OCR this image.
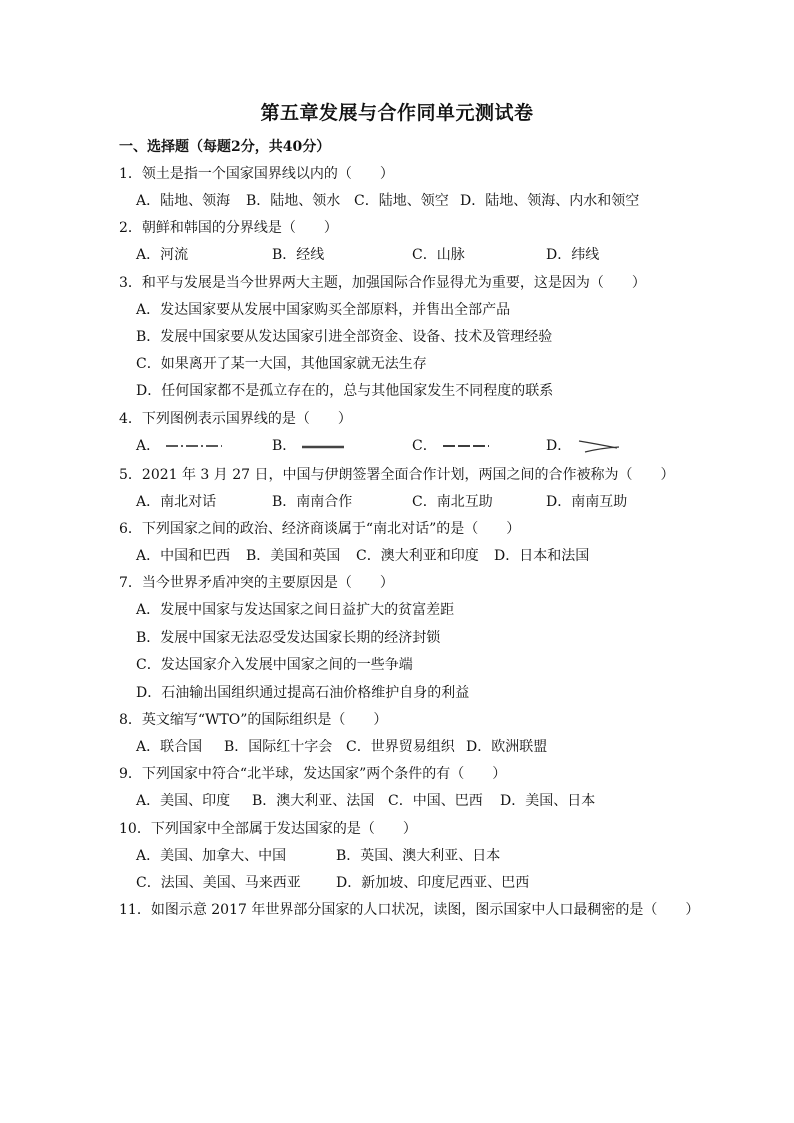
第五章发展与合作同单元测试卷
一、选择题（每题2分，共40分）
1．领土是指一个国家国界线以内的（　　）
A．陆地、领海 B．陆地、领水 C．陆地、领空 D．陆地、领海、内水和领空
2．朝鲜和韩国的分界线是（　　）
A．河流	B．经线	C．山脉	D．纬线
3．和平与发展是当今世界两大主题，加强国际合作显得尤为重要，这是因为（　　）
A．发达国家要从发展中国家购买全部原料，并售出全部产品
B．发展中国家要从发达国家引进全部资金、设备、技术及管理经验
C．如果离开了某一大国，其他国家就无法生存
D．任何国家都不是孤立存在的，总与其他国家发生不同程度的联系
4．下列图例表示国界线的是（　　）
A．	B．	C．	D．
5．2021 年 3 月 27 日，中国与伊朗签署全面合作计划，两国之间的合作被称为（　　）
A．南北对话	B．南南合作	C．南北互助	D．南南互助
6．下列国家之间的政治、经济商谈属于“南北对话”的是（　　）
A．中国和巴西 B．美国和英国 C．澳大利亚和印度 D．日本和法国
7．当今世界矛盾冲突的主要原因是（　　）
A．发展中国家与发达国家之间日益扩大的贫富差距
B．发展中国家无法忍受发达国家长期的经济封锁
C．发达国家介入发展中国家之间的一些争端
D．石油输出国组织通过提高石油价格维护自身的利益
8．英文缩写“WTO”的国际组织是（　　）
A．联合国 B．国际红十字会 C．世界贸易组织 D．欧洲联盟
9．下列国家中符合“北半球，发达国家”两个条件的有（　　）
A．美国、印度 B．澳大利亚、法国 C．中国、巴西 D．美国、日本
10．下列国家中全部属于发达国家的是（　　）
A．美国、加拿大、中国	B．英国、澳大利亚、日本
C．法国、美国、马来西亚	D．新加坡、印度尼西亚、巴西
11．如图示意 2017 年世界部分国家的人口状况，读图，图示国家中人口最稠密的是（　　）
